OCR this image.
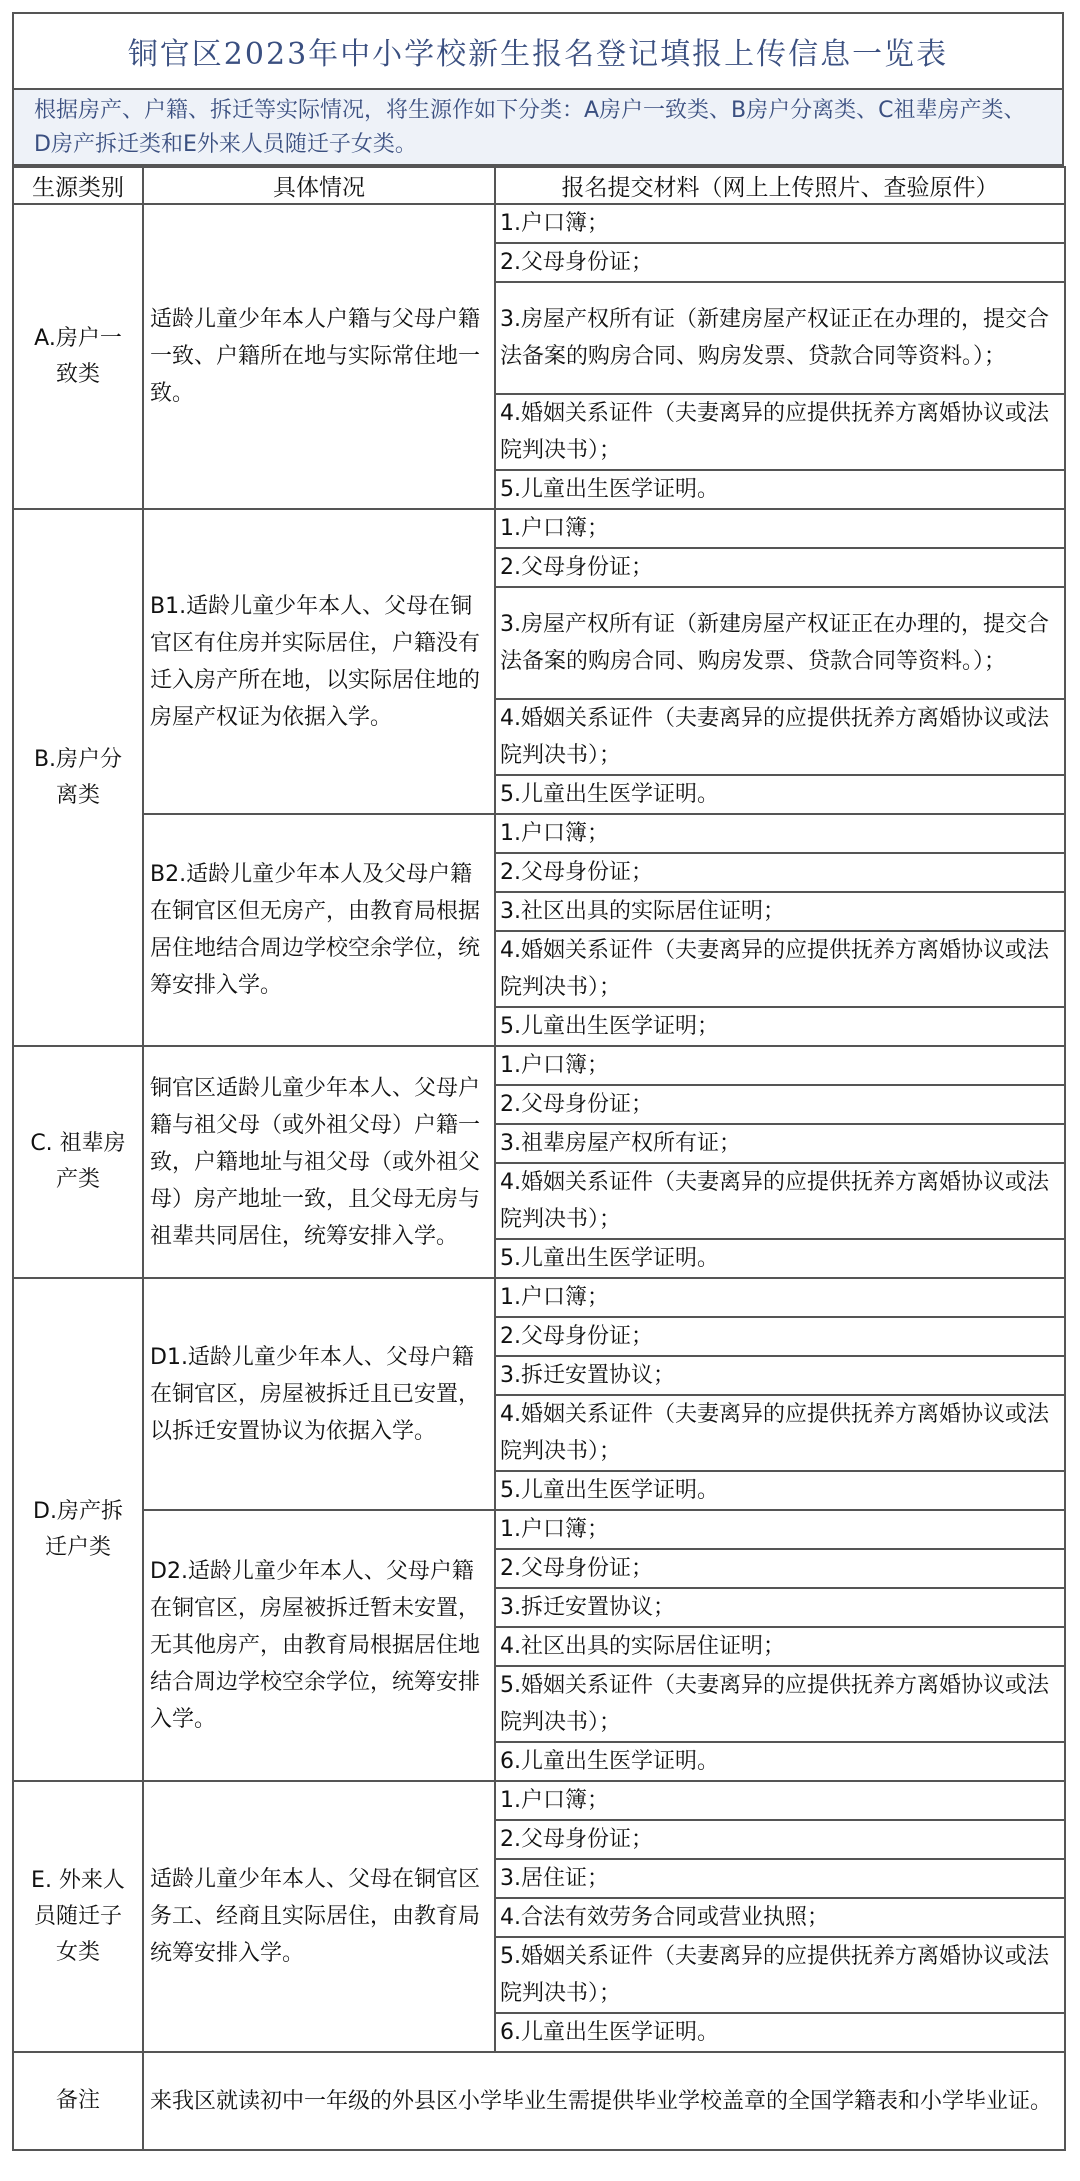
铜官区2023年中小学校新生报名登记填报上传信息一览表
根据房产、户籍、拆迁等实际情况，将生源作如下分类：A房户一致类、B房户分离类、C祖辈房产类、D房产拆迁类和E外来人员随迁子女类。
生源类别	具体情况	报名提交材料（网上上传照片、查验原件）
A.房户一致类	适龄儿童少年本人户籍与父母户籍一致、户籍所在地与实际常住地一致。	1.户口簿；
		2.父母身份证；
		3.房屋产权所有证（新建房屋产权证正在办理的，提交合法备案的购房合同、购房发票、贷款合同等资料。）；
		4.婚姻关系证件（夫妻离异的应提供抚养方离婚协议或法院判决书）；
		5.儿童出生医学证明。
B.房户分离类	B1.适龄儿童少年本人、父母在铜官区有住房并实际居住，户籍没有迁入房产所在地，以实际居住地的房屋产权证为依据入学。	1.户口簿；
		2.父母身份证；
		3.房屋产权所有证（新建房屋产权证正在办理的，提交合法备案的购房合同、购房发票、贷款合同等资料。）；
		4.婚姻关系证件（夫妻离异的应提供抚养方离婚协议或法院判决书）；
		5.儿童出生医学证明。
	B2.适龄儿童少年本人及父母户籍在铜官区但无房产，由教育局根据居住地结合周边学校空余学位，统筹安排入学。	1.户口簿；
		2.父母身份证；
		3.社区出具的实际居住证明；
		4.婚姻关系证件（夫妻离异的应提供抚养方离婚协议或法院判决书）；
		5.儿童出生医学证明；
C. 祖辈房产类	铜官区适龄儿童少年本人、父母户籍与祖父母（或外祖父母）户籍一致，户籍地址与祖父母（或外祖父母）房产地址一致，且父母无房与祖辈共同居住，统筹安排入学。	1.户口簿；
		2.父母身份证；
		3.祖辈房屋产权所有证；
		4.婚姻关系证件（夫妻离异的应提供抚养方离婚协议或法院判决书）；
		5.儿童出生医学证明。
D.房产拆迁户类	D1.适龄儿童少年本人、父母户籍在铜官区，房屋被拆迁且已安置，以拆迁安置协议为依据入学。	1.户口簿；
		2.父母身份证；
		3.拆迁安置协议；
		4.婚姻关系证件（夫妻离异的应提供抚养方离婚协议或法院判决书）；
		5.儿童出生医学证明。
	D2.适龄儿童少年本人、父母户籍在铜官区，房屋被拆迁暂未安置，无其他房产，由教育局根据居住地结合周边学校空余学位，统筹安排入学。	1.户口簿；
		2.父母身份证；
		3.拆迁安置协议；
		4.社区出具的实际居住证明；
		5.婚姻关系证件（夫妻离异的应提供抚养方离婚协议或法院判决书）；
		6.儿童出生医学证明。
E. 外来人员随迁子女类	适龄儿童少年本人、父母在铜官区务工、经商且实际居住，由教育局统筹安排入学。	1.户口簿；
		2.父母身份证；
		3.居住证；
		4.合法有效劳务合同或营业执照；
		5.婚姻关系证件（夫妻离异的应提供抚养方离婚协议或法院判决书）；
		6.儿童出生医学证明。
备注	来我区就读初中一年级的外县区小学毕业生需提供毕业学校盖章的全国学籍表和小学毕业证。	
